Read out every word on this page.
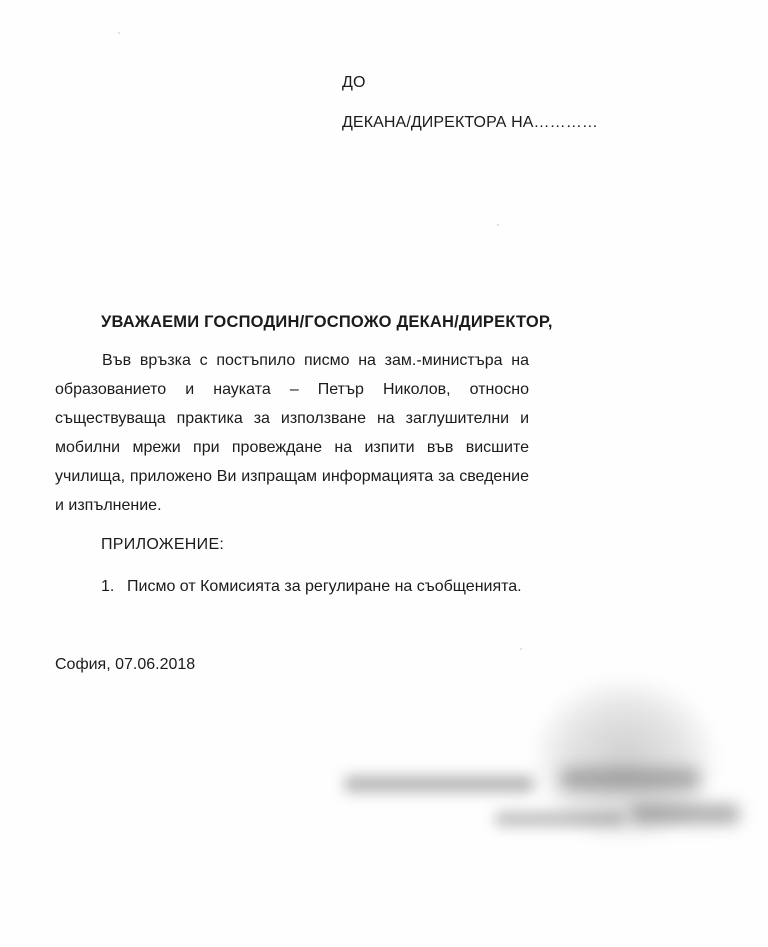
ДО
ДЕКАНА/ДИРЕКТОРА НА…………
УВАЖАЕМИ ГОСПОДИН/ГОСПОЖО ДЕКАН/ДИРЕКТОР,

Във връзка с постъпило писмо на зам.-министъра на образованието и науката – Петър Николов, относно съществуваща практика за използване на заглушителни и мобилни мрежи при провеждане на изпити във висшите училища, приложено Ви изпращам информацията за сведение и изпълнение.

ПРИЛОЖЕНИЕ:
1. Писмо от Комисията за регулиране на съобщенията.
София, 07.06.2018
